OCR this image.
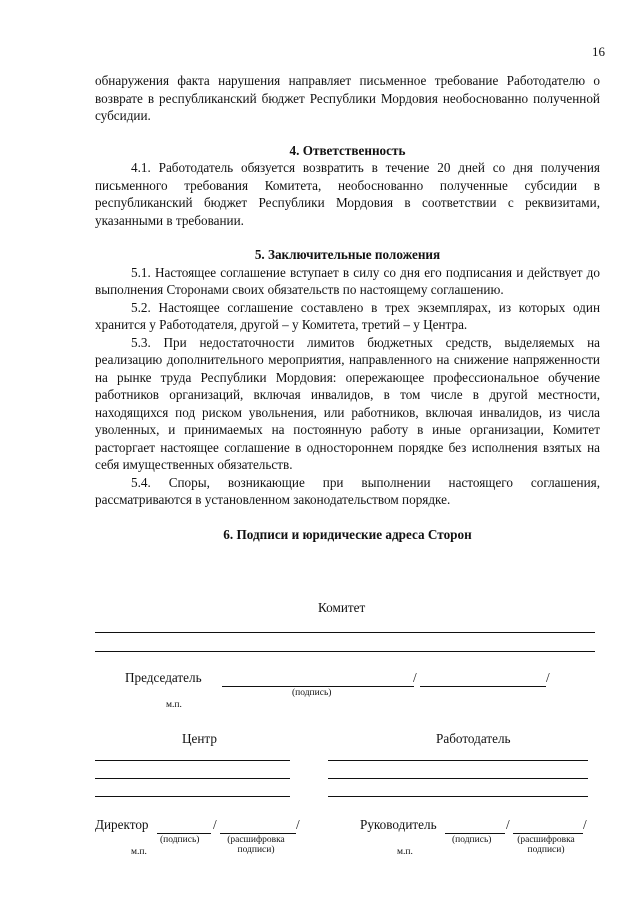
16

обнаружения факта нарушения направляет письменное требование Работодателю о возврате в республиканский бюджет Республики Мордовия необоснованно полученной субсидии.

4. Ответственность

4.1. Работодатель обязуется возвратить в течение 20 дней со дня получения письменного требования Комитета, необоснованно полученные субсидии в республиканский бюджет Республики Мордовия в соответствии с реквизитами, указанными в требовании.

5. Заключительные положения

5.1. Настоящее соглашение вступает в силу со дня его подписания и действует до выполнения Сторонами своих обязательств по настоящему соглашению.

5.2. Настоящее соглашение составлено в трех экземплярах, из которых один хранится у Работодателя, другой – у Комитета, третий – у Центра.

5.3. При недостаточности лимитов бюджетных средств, выделяемых на реализацию дополнительного мероприятия, направленного на снижение напряженности на рынке труда Республики Мордовия: опережающее профессиональное обучение работников организаций, включая инвалидов, в том числе в другой местности, находящихся под риском увольнения, или работников, включая инвалидов, из числа уволенных, и принимаемых на постоянную работу в иные организации, Комитет расторгает настоящее соглашение в одностороннем порядке без исполнения взятых на себя имущественных обязательств.

5.4. Споры, возникающие при выполнении настоящего соглашения, рассматриваются в установленном законодательством порядке.

6. Подписи и юридические адреса Сторон
Комитет
Председатель	/	/
(подпись)
м.п.
Центр	Работодатель
Директор	/	/
(подпись)	(расшифровка
подписи)
м.п.
Руководитель	/	/
(подпись)	(расшифровка
подписи)
м.п.
